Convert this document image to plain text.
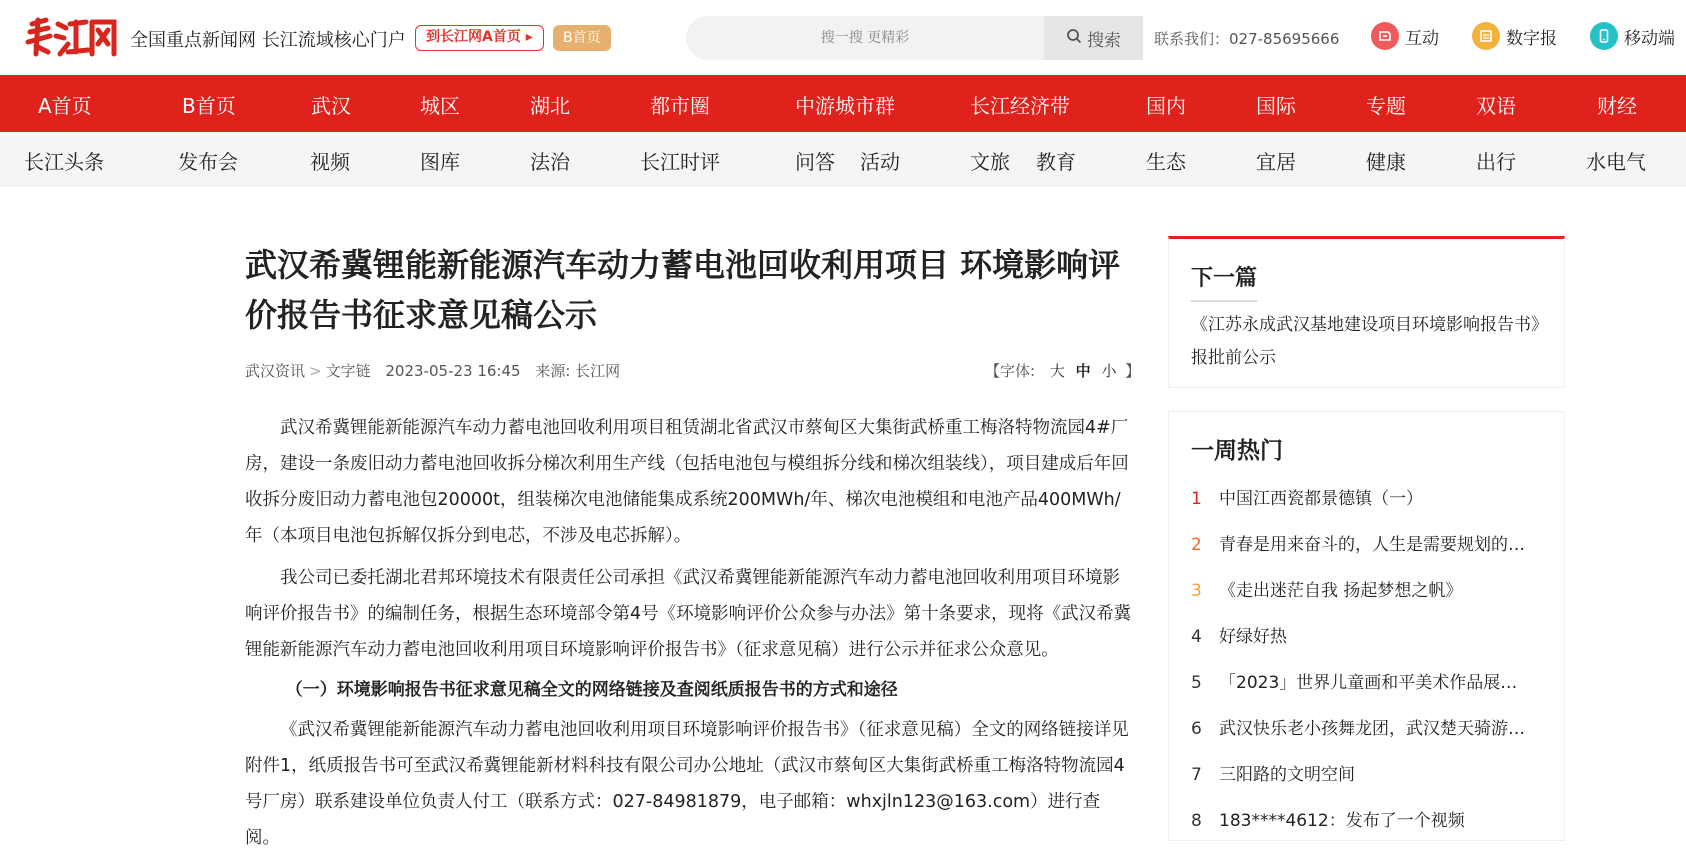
全国重点新闻网 长江流域核心门户	到长江网A首页 ▸	B首页
搜一搜 更精彩	搜索 联系我们：027-85695666	互动	数字报	移动端
A首页	B首页	武汉	城区	湖北	都市圈	中游城市群	长江经济带	国内	国际	专题	双语	财经
长江头条	发布会	视频	图库	法治	长江时评	问答 活动	文旅 教育	生态	宜居	健康	出行	水电气
武汉希冀锂能新能源汽车动力蓄电池回收利用项目 环境影响评价报告书征求意见稿公示
武汉资讯 > 文字链 2023-05-23 16:45 来源: 长江网	【字体: 大 中 小 】

武汉希冀锂能新能源汽车动力蓄电池回收利用项目租赁湖北省武汉市蔡甸区大集街武桥重工梅洛特物流园4#厂房，建设一条废旧动力蓄电池回收拆分梯次利用生产线（包括电池包与模组拆分线和梯次组装线），项目建成后年回收拆分废旧动力蓄电池包20000t，组装梯次电池储能集成系统200MWh/年、梯次电池模组和电池产品400MWh/年（本项目电池包拆解仅拆分到电芯，不涉及电芯拆解）。

我公司已委托湖北君邦环境技术有限责任公司承担《武汉希冀锂能新能源汽车动力蓄电池回收利用项目环境影响评价报告书》的编制任务，根据生态环境部令第4号《环境影响评价公众参与办法》第十条要求，现将《武汉希冀锂能新能源汽车动力蓄电池回收利用项目环境影响评价报告书》（征求意见稿）进行公示并征求公众意见。

（一）环境影响报告书征求意见稿全文的网络链接及查阅纸质报告书的方式和途径

《武汉希冀锂能新能源汽车动力蓄电池回收利用项目环境影响评价报告书》（征求意见稿）全文的网络链接详见附件1，纸质报告书可至武汉希冀锂能新材料科技有限公司办公地址（武汉市蔡甸区大集街武桥重工梅洛特物流园4号厂房）联系建设单位负责人付工（联系方式：027-84981879，电子邮箱：whxjln123@163.com）进行查阅。

下一篇
《江苏永成武汉基地建设项目环境影响报告书》报批前公示
一周热门
1 中国江西瓷都景德镇（一）
2 青春是用来奋斗的，人生是需要规划的…
3 《走出迷茫自我 扬起梦想之帆》
4 好绿好热
5 「2023」世界儿童画和平美术作品展…
6 武汉快乐老小孩舞龙团，武汉楚天骑游…
7 三阳路的文明空间
8 183****4612：发布了一个视频
